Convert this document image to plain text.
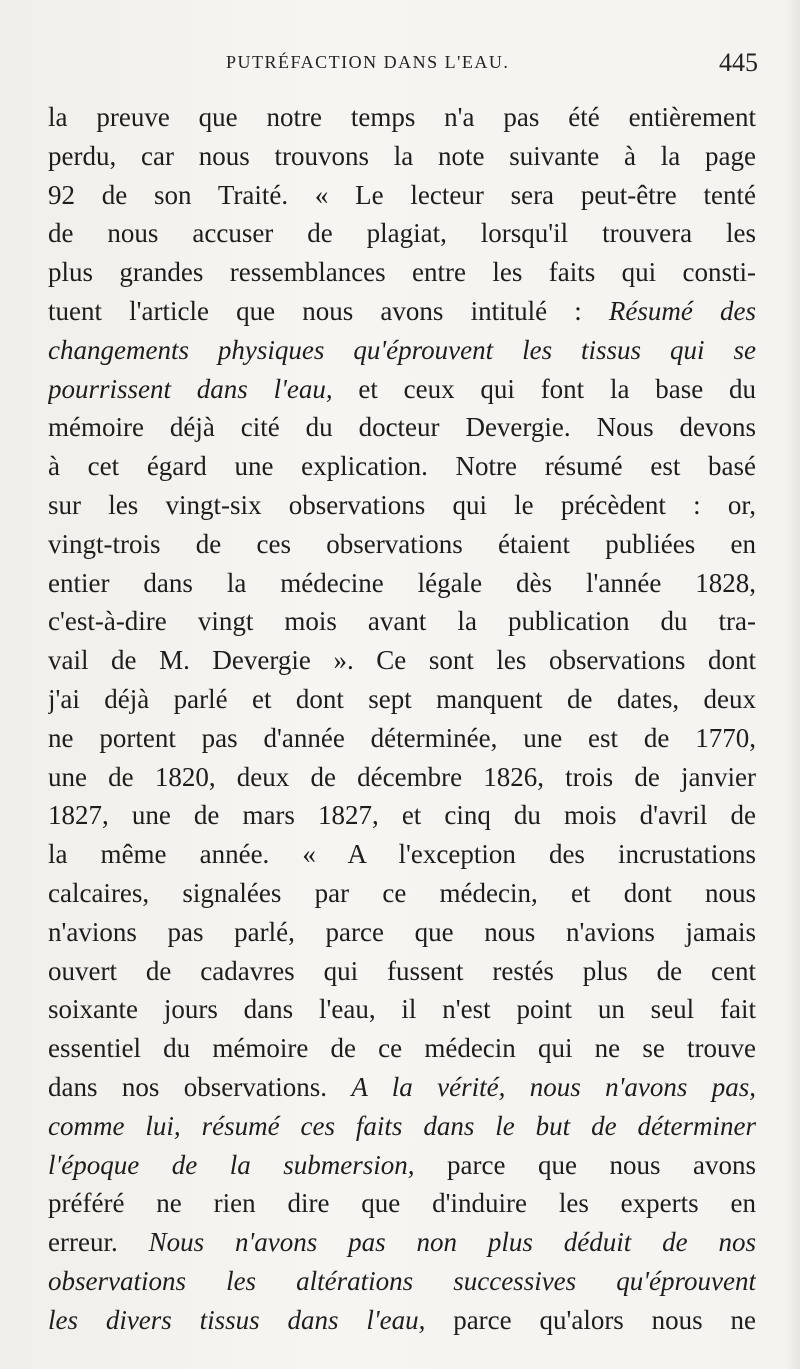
PUTRÉFACTION DANS L'EAU.	445
la preuve que notre temps n'a pas été entièrement
perdu, car nous trouvons la note suivante à la page
92 de son Traité. « Le lecteur sera peut-être tenté
de nous accuser de plagiat, lorsqu'il trouvera les
plus grandes ressemblances entre les faits qui consti-
tuent l'article que nous avons intitulé : Résumé des
changements physiques qu'éprouvent les tissus qui se
pourrissent dans l'eau, et ceux qui font la base du
mémoire déjà cité du docteur Devergie. Nous devons
à cet égard une explication. Notre résumé est basé
sur les vingt-six observations qui le précèdent : or,
vingt-trois de ces observations étaient publiées en
entier dans la médecine légale dès l'année 1828,
c'est-à-dire vingt mois avant la publication du tra-
vail de M. Devergie ». Ce sont les observations dont
j'ai déjà parlé et dont sept manquent de dates, deux
ne portent pas d'année déterminée, une est de 1770,
une de 1820, deux de décembre 1826, trois de janvier
1827, une de mars 1827, et cinq du mois d'avril de
la même année. « A l'exception des incrustations
calcaires, signalées par ce médecin, et dont nous
n'avions pas parlé, parce que nous n'avions jamais
ouvert de cadavres qui fussent restés plus de cent
soixante jours dans l'eau, il n'est point un seul fait
essentiel du mémoire de ce médecin qui ne se trouve
dans nos observations. A la vérité, nous n'avons pas,
comme lui, résumé ces faits dans le but de déterminer
l'époque de la submersion, parce que nous avons
préféré ne rien dire que d'induire les experts en
erreur. Nous n'avons pas non plus déduit de nos
observations les altérations successives qu'éprouvent
les divers tissus dans l'eau, parce qu'alors nous ne
